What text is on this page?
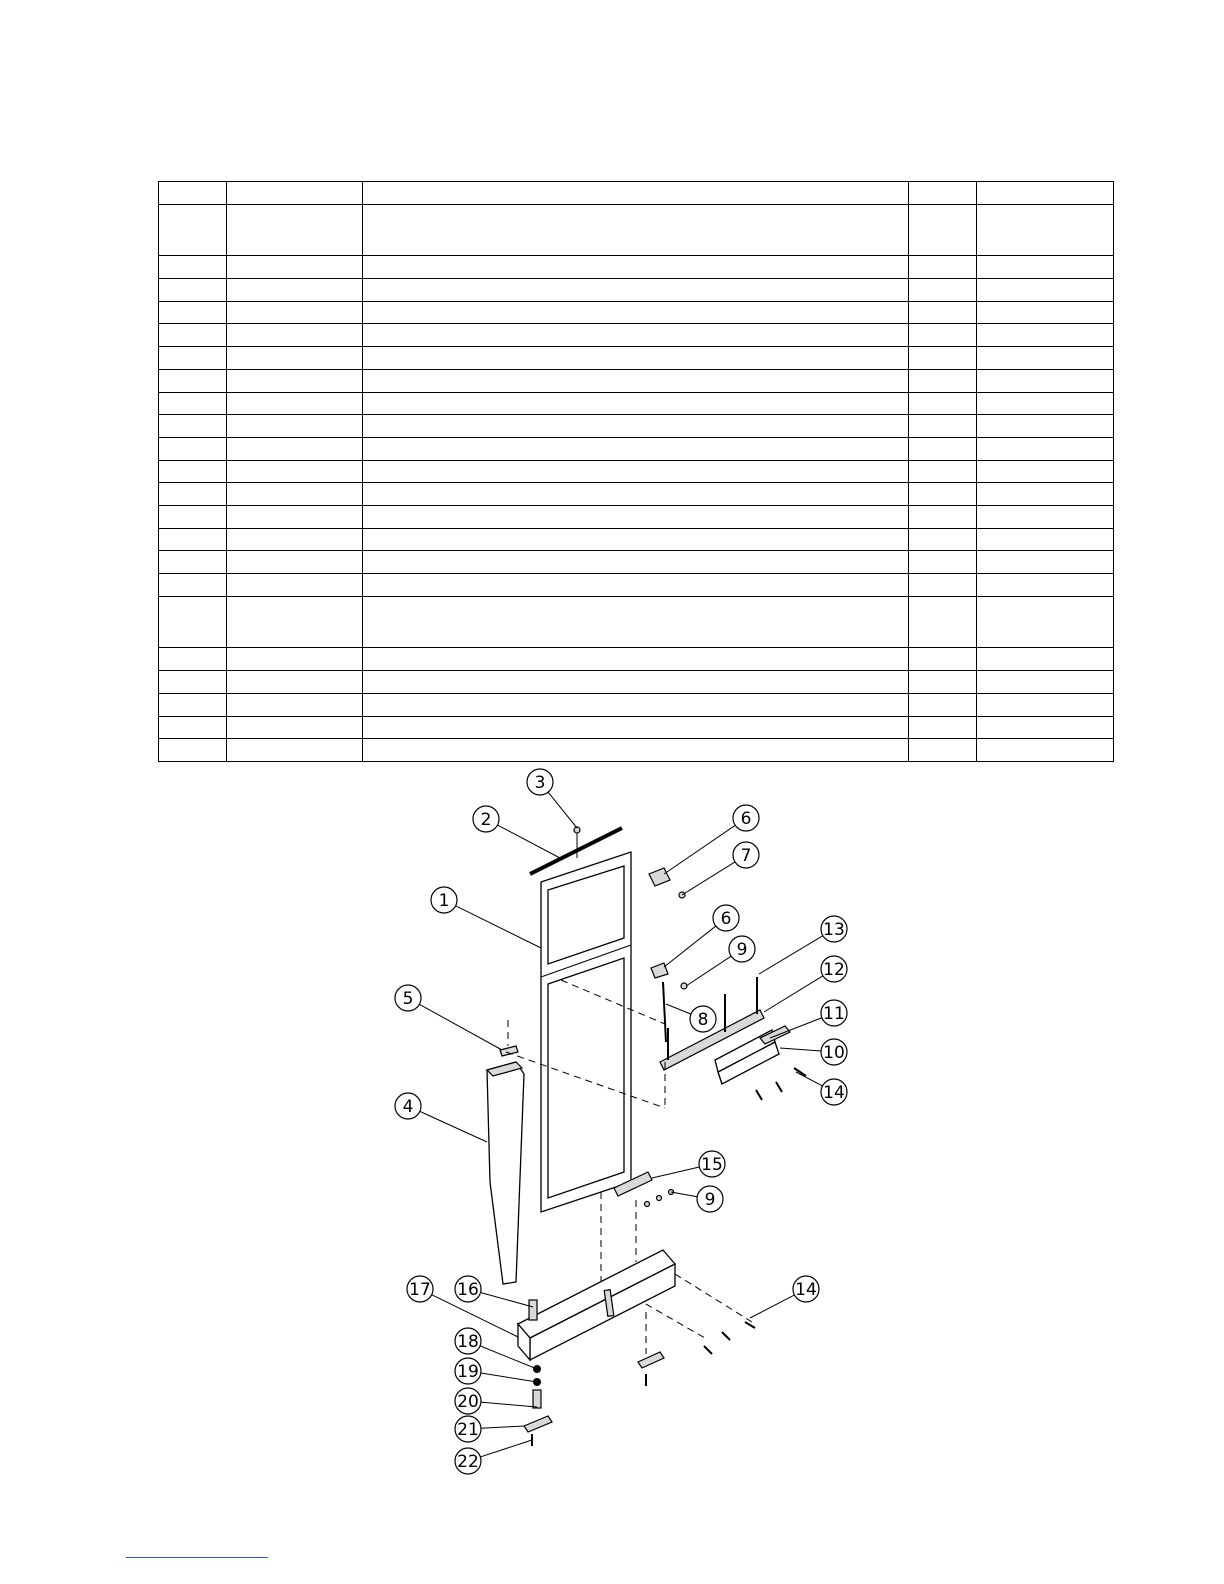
1
2
3
4
5
6
6
7
8
9
9
10
11
12
13
14
14
15
16
17
18
19
20
21
22
